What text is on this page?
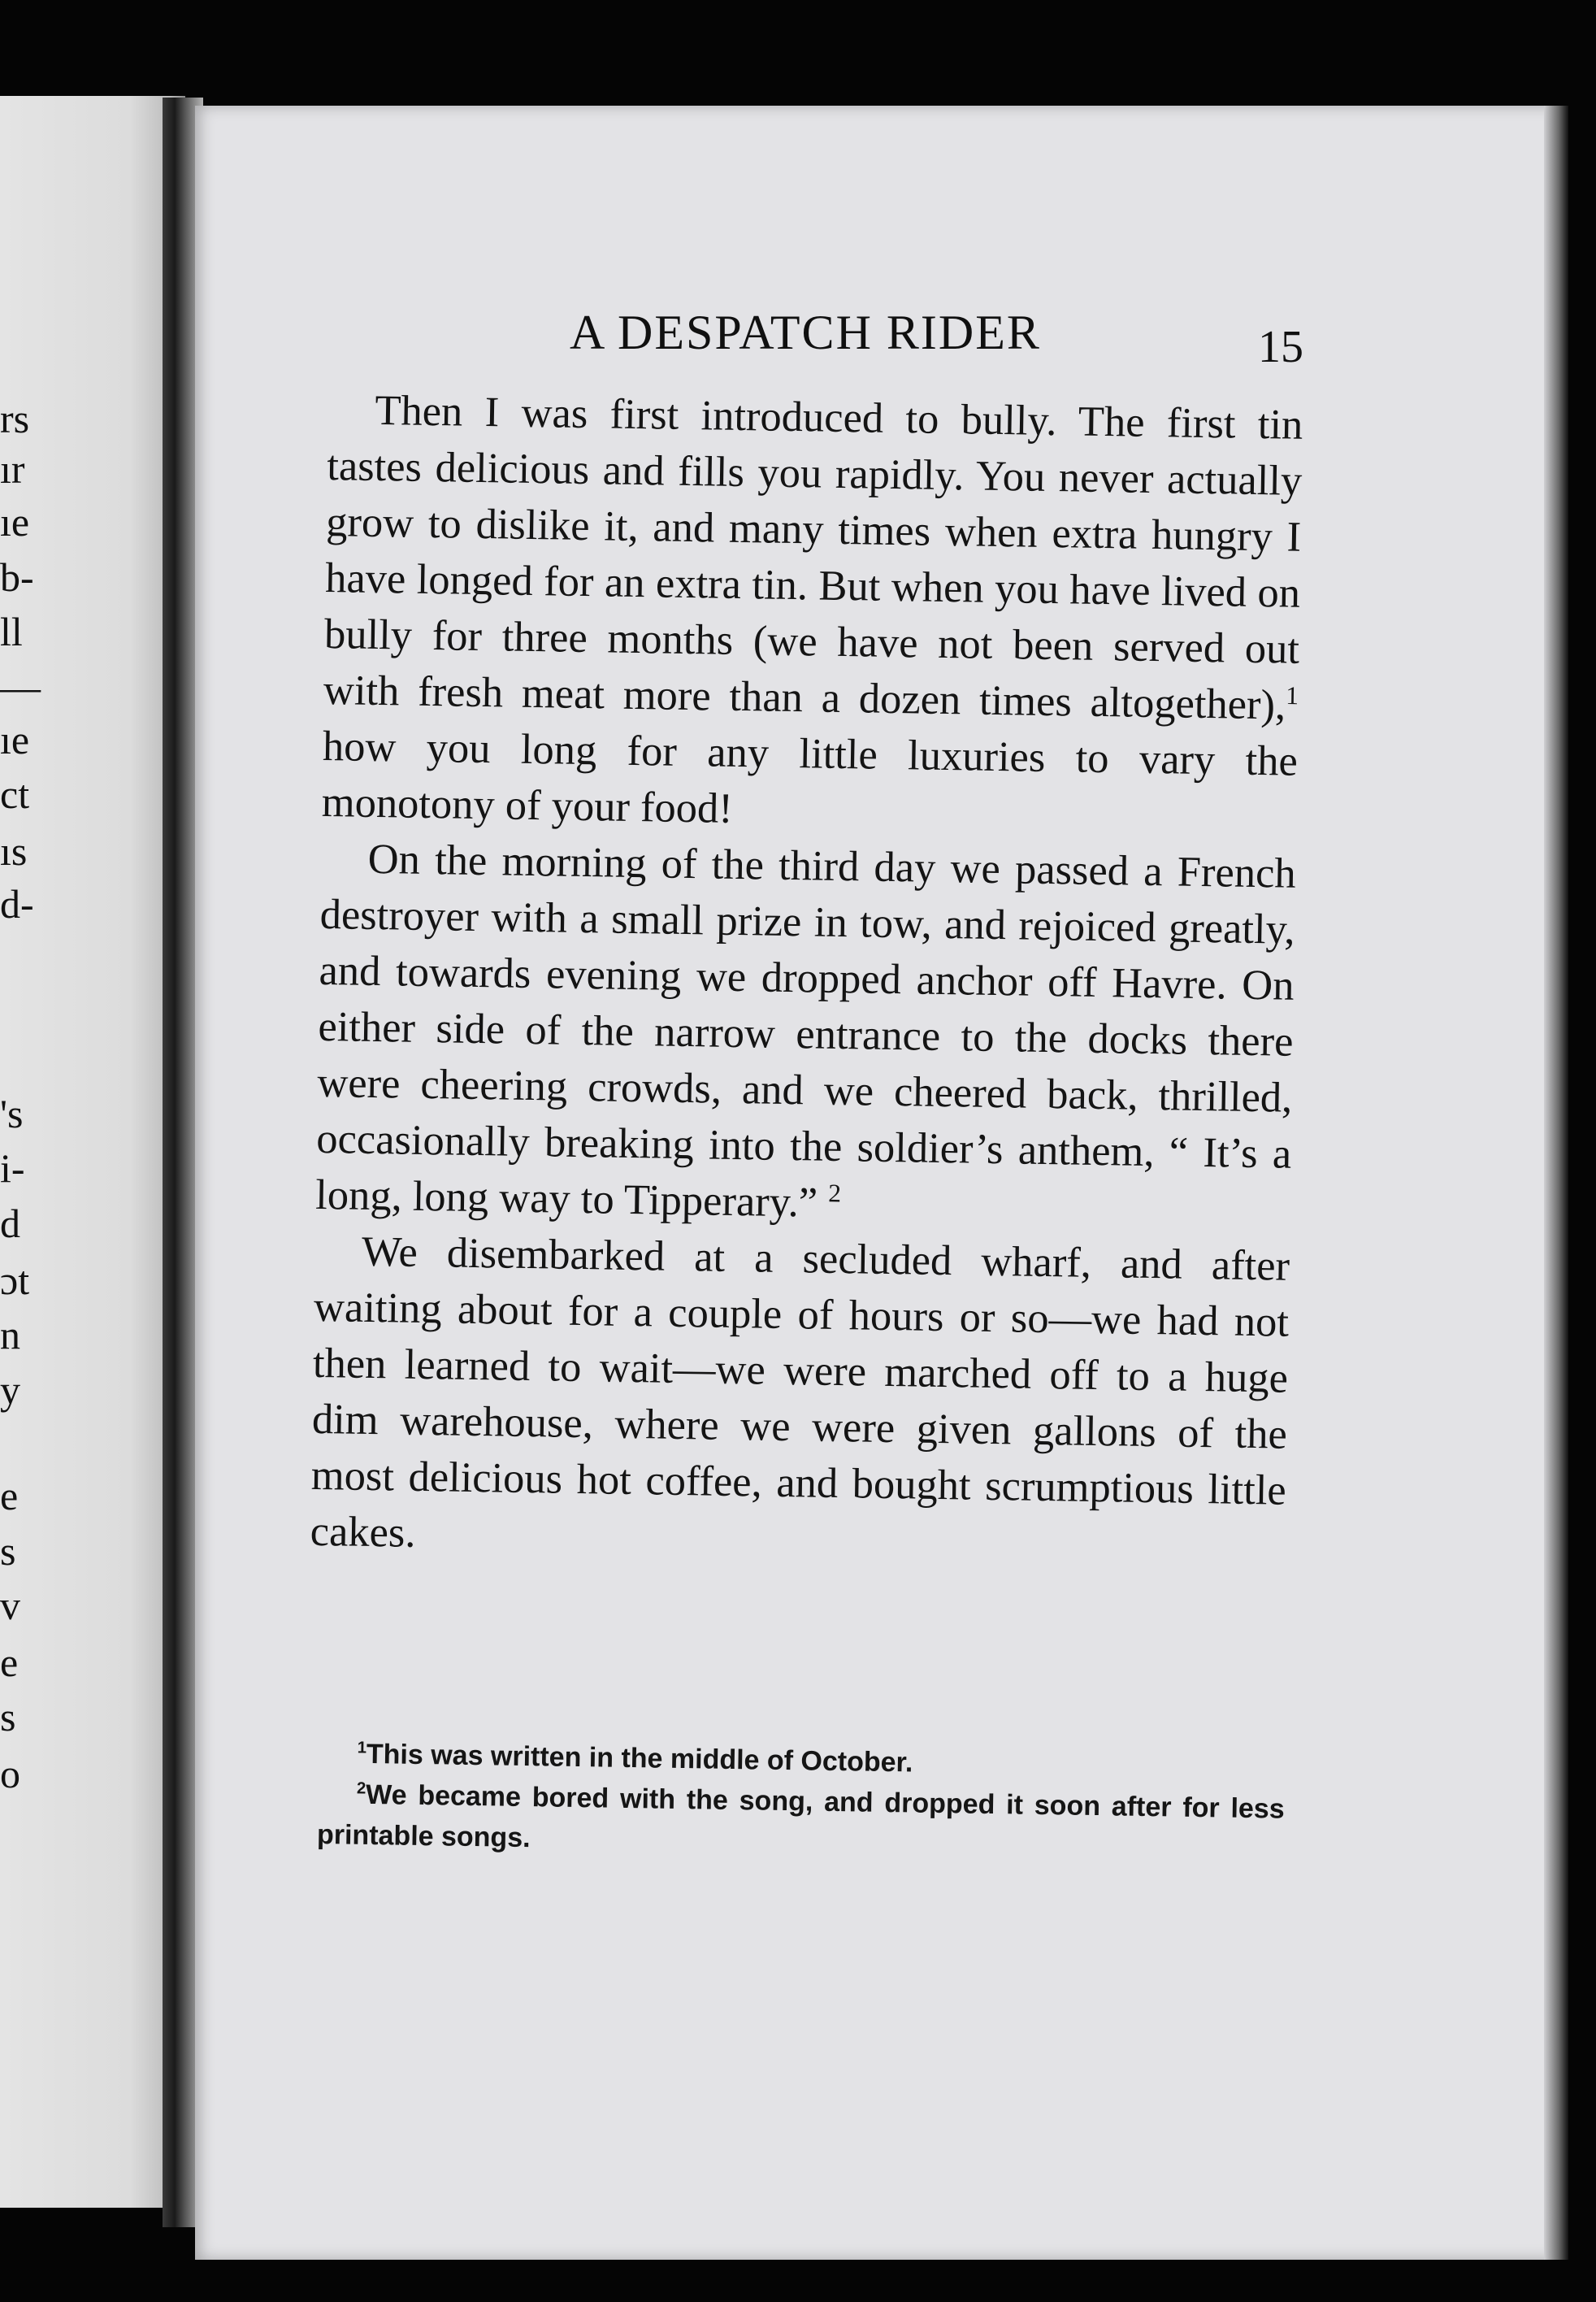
rs
ır
ıe
b-
ll
—
ıe
ct
ıs
d-
's
i-
d
ɔt
n
y
e
s
v
e
s
o
A DESPATCH RIDER	15

Then I was first introduced to bully. The first tin tastes delicious and fills you rapidly. You never actually grow to dislike it, and many times when extra hungry I have longed for an extra tin. But when you have lived on bully for three months (we have not been served out with fresh meat more than a dozen times altogether),$^1$ how you long for any little luxuries to vary the monotony of your food!

On the morning of the third day we passed a French destroyer with a small prize in tow, and rejoiced greatly, and towards evening we dropped anchor off Havre. On either side of the narrow entrance to the docks there were cheering crowds, and we cheered back, thrilled, occasionally breaking into the soldier’s anthem, “ It’s a long, long way to Tipperary.” $^2$

We disembarked at a secluded wharf, and after waiting about for a couple of hours or so—we had not then learned to wait—we were marched off to a huge dim warehouse, where we were given gallons of the most delicious hot coffee, and bought scrumptious little cakes.

$^1$This was written in the middle of October.

$^2$We became bored with the song, and dropped it soon after for less printable songs.
